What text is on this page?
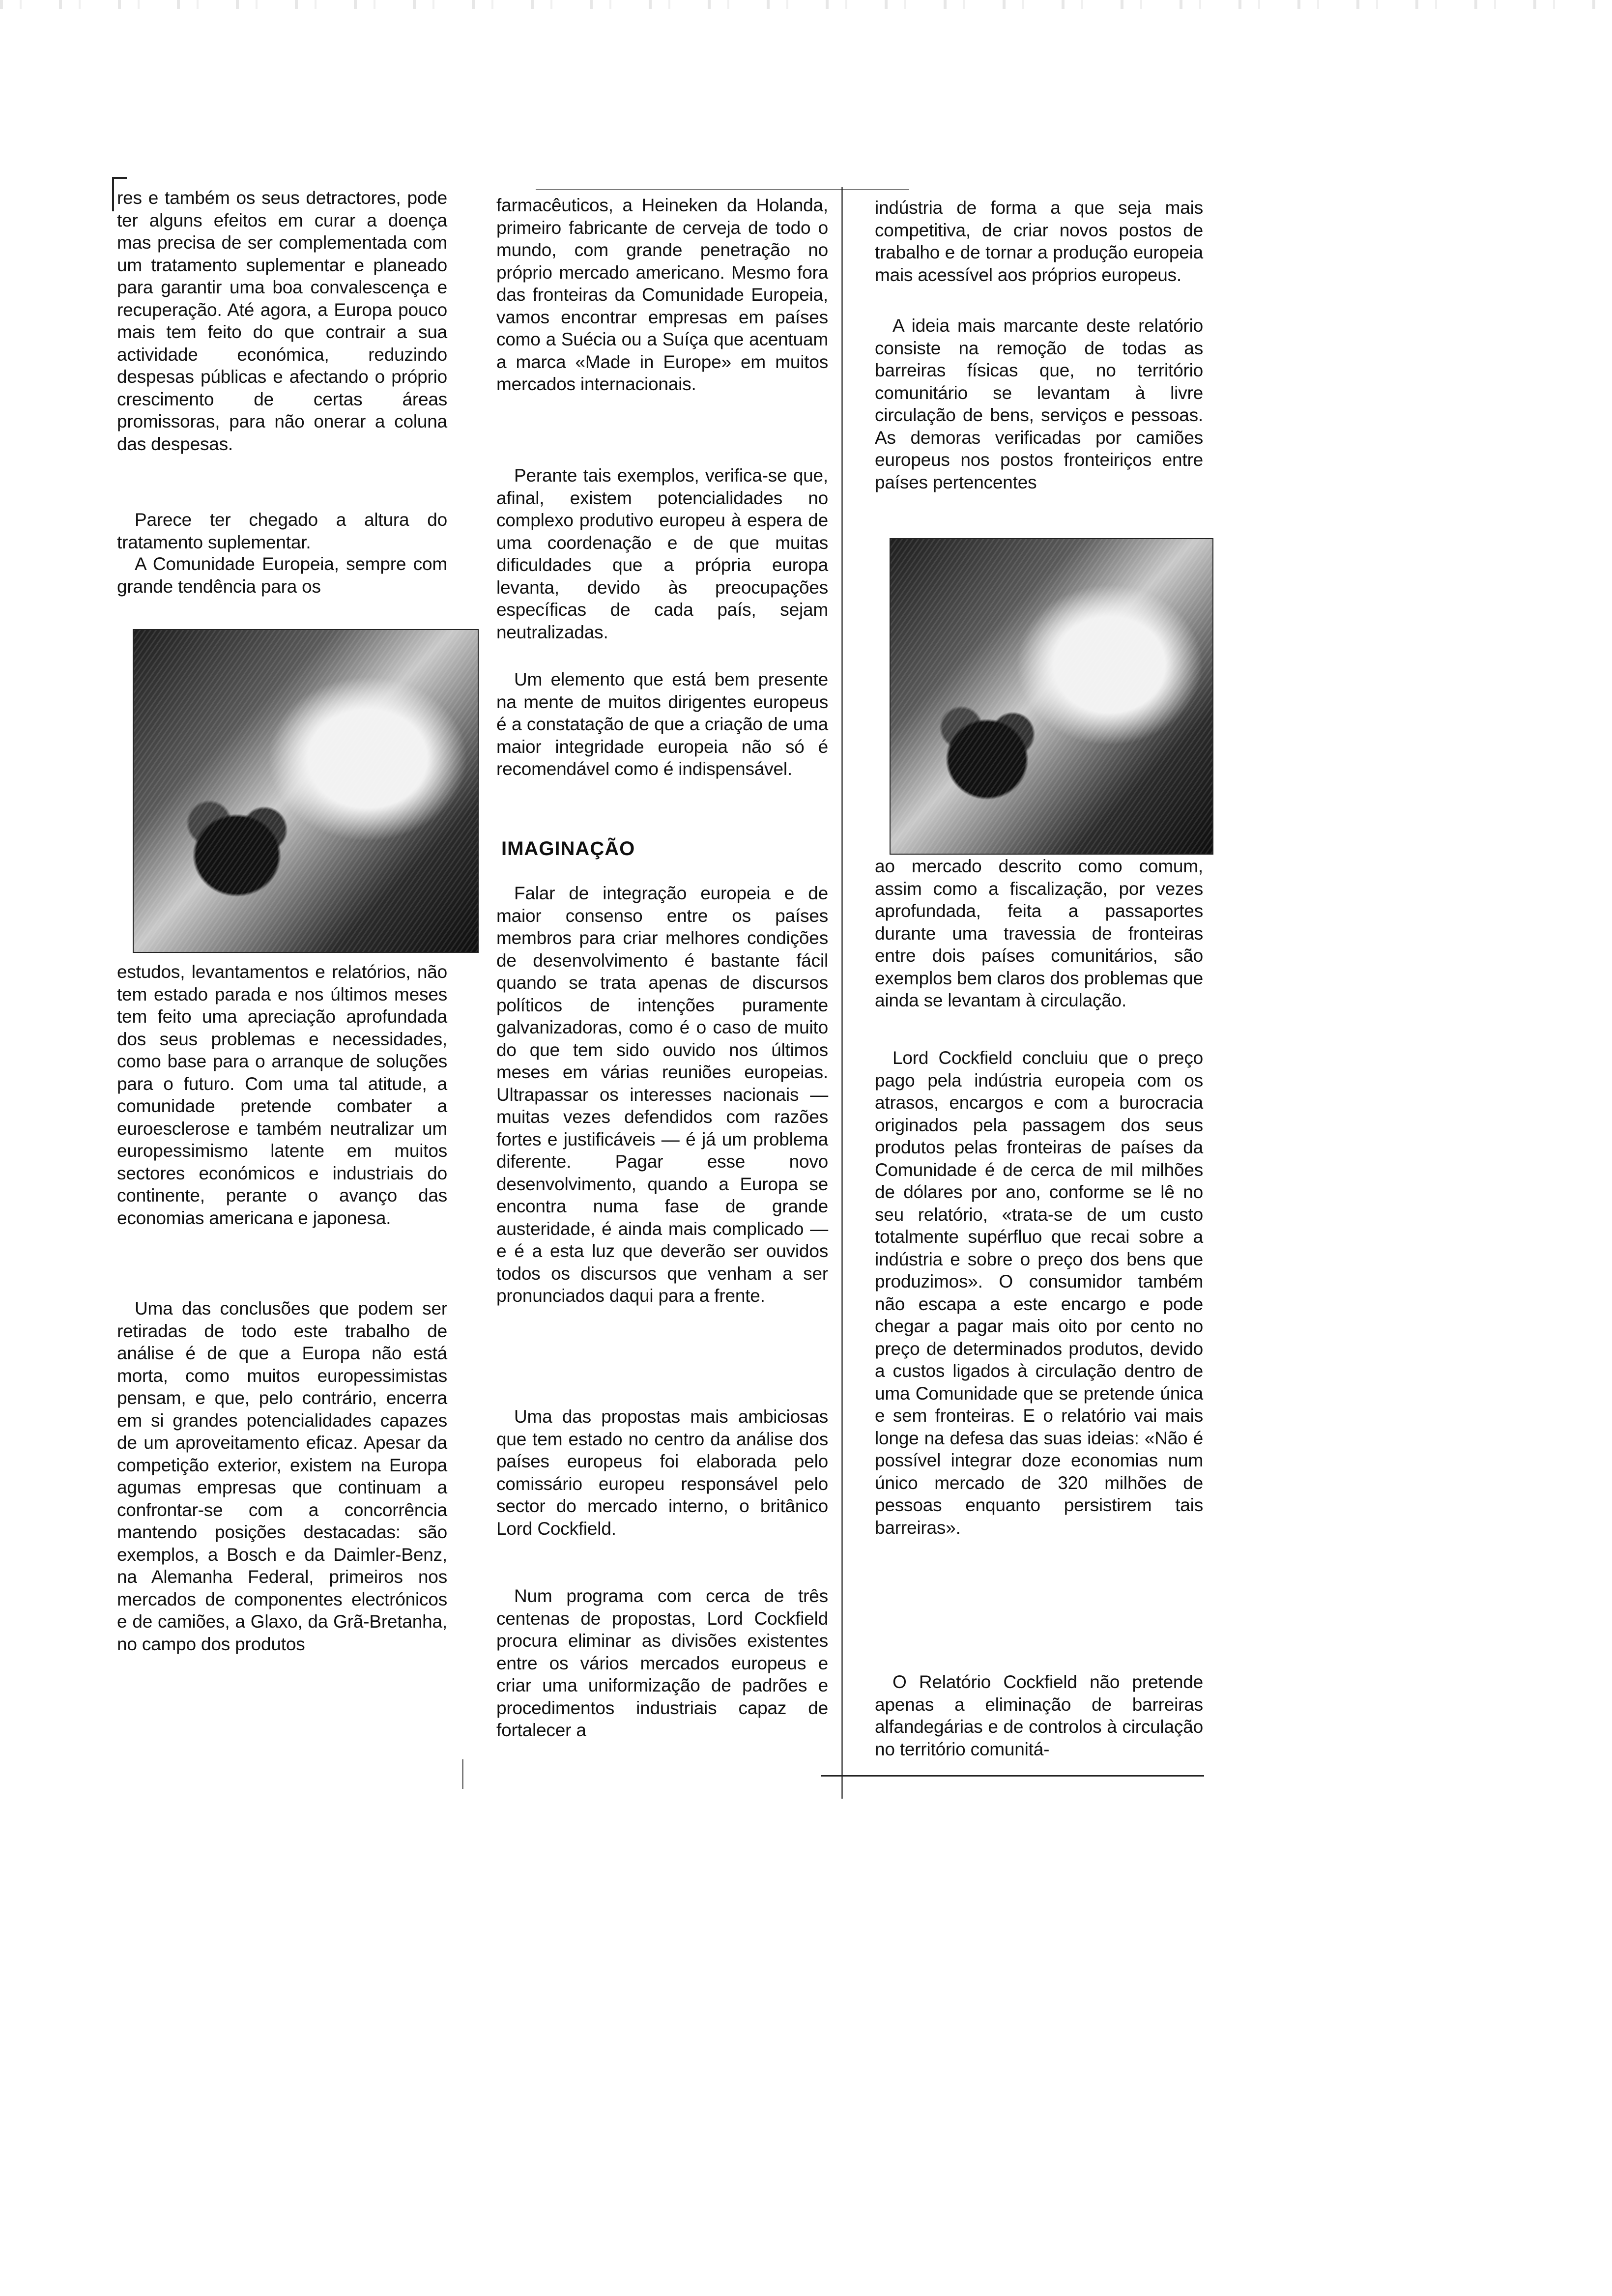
IMAGINAÇÃO

res e também os seus detractores, pode ter alguns efeitos em curar a doença mas precisa de ser complementada com um tratamento suplementar e planeado para garantir uma boa convalescença e recuperação. Até agora, a Europa pouco mais tem feito do que contrair a sua actividade económica, reduzindo despesas públicas e afectando o próprio crescimento de certas áreas promissoras, para não onerar a coluna das despesas.

Parece ter chegado a altura do tratamento suplementar.

A Comunidade Europeia, sempre com grande tendência para os

estudos, levantamentos e relatórios, não tem estado parada e nos últimos meses tem feito uma apreciação aprofundada dos seus problemas e necessidades, como base para o arranque de soluções para o futuro. Com uma tal atitude, a comunidade pretende combater a euroesclerose e também neutralizar um europessimismo latente em muitos sectores económicos e industriais do continente, perante o avanço das economias americana e japonesa.

Uma das conclusões que podem ser retiradas de todo este trabalho de análise é de que a Europa não está morta, como muitos europessimistas pensam, e que, pelo contrário, encerra em si grandes potencialidades capazes de um aproveitamento eficaz. Apesar da competição exterior, existem na Europa agumas empresas que continuam a confrontar-se com a concorrência mantendo posições destacadas: são exemplos, a Bosch e da Daimler-Benz, na Alemanha Federal, primeiros nos mercados de componentes electrónicos e de camiões, a Glaxo, da Grã-Bretanha, no campo dos produtos

farmacêuticos, a Heineken da Holanda, primeiro fabricante de cerveja de todo o mundo, com grande penetração no próprio mercado americano. Mesmo fora das fronteiras da Comunidade Europeia, vamos encontrar empresas em países como a Suécia ou a Suíça que acentuam a marca «Made in Europe» em muitos mercados internacionais.

Perante tais exemplos, verifica-se que, afinal, existem potencialidades no complexo produtivo europeu à espera de uma coordenação e de que muitas dificuldades que a própria europa levanta, devido às preocupações específicas de cada país, sejam neutralizadas.

Um elemento que está bem presente na mente de muitos dirigentes europeus é a constatação de que a criação de uma maior integridade europeia não só é recomendável como é indispensável.

Falar de integração europeia e de maior consenso entre os países membros para criar melhores condições de desenvolvimento é bastante fácil quando se trata apenas de discursos políticos de intenções puramente galvanizadoras, como é o caso de muito do que tem sido ouvido nos últimos meses em várias reuniões europeias. Ultrapassar os interesses nacionais — muitas vezes defendidos com razões fortes e justificáveis — é já um problema diferente. Pagar esse novo desenvolvimento, quando a Europa se encontra numa fase de grande austeridade, é ainda mais complicado — e é a esta luz que deverão ser ouvidos todos os discursos que venham a ser pronunciados daqui para a frente.

Uma das propostas mais ambiciosas que tem estado no centro da análise dos países europeus foi elaborada pelo comissário europeu responsável pelo sector do mercado interno, o britânico Lord Cockfield.

Num programa com cerca de três centenas de propostas, Lord Cockfield procura eliminar as divisões existentes entre os vários mercados europeus e criar uma uniformização de padrões e procedimentos industriais capaz de fortalecer a

indústria de forma a que seja mais competitiva, de criar novos postos de trabalho e de tornar a produção europeia mais acessível aos próprios europeus.

A ideia mais marcante deste relatório consiste na remoção de todas as barreiras físicas que, no território comunitário se levantam à livre circulação de bens, serviços e pessoas. As demoras verificadas por camiões europeus nos postos fronteiriços entre países pertencentes

ao mercado descrito como comum, assim como a fiscalização, por vezes aprofundada, feita a passaportes durante uma travessia de fronteiras entre dois países comunitários, são exemplos bem claros dos problemas que ainda se levantam à circulação.

Lord Cockfield concluiu que o preço pago pela indústria europeia com os atrasos, encargos e com a burocracia originados pela passagem dos seus produtos pelas fronteiras de países da Comunidade é de cerca de mil milhões de dólares por ano, conforme se lê no seu relatório, «trata-se de um custo totalmente supérfluo que recai sobre a indústria e sobre o preço dos bens que produzimos». O consumidor também não escapa a este encargo e pode chegar a pagar mais oito por cento no preço de determinados produtos, devido a custos ligados à circulação dentro de uma Comunidade que se pretende única e sem fronteiras. E o relatório vai mais longe na defesa das suas ideias: «Não é possível integrar doze economias num único mercado de 320 milhões de pessoas enquanto persistirem tais barreiras».

O Relatório Cockfield não pretende apenas a eliminação de barreiras alfandegárias e de controlos à circulação no território comunitá-
